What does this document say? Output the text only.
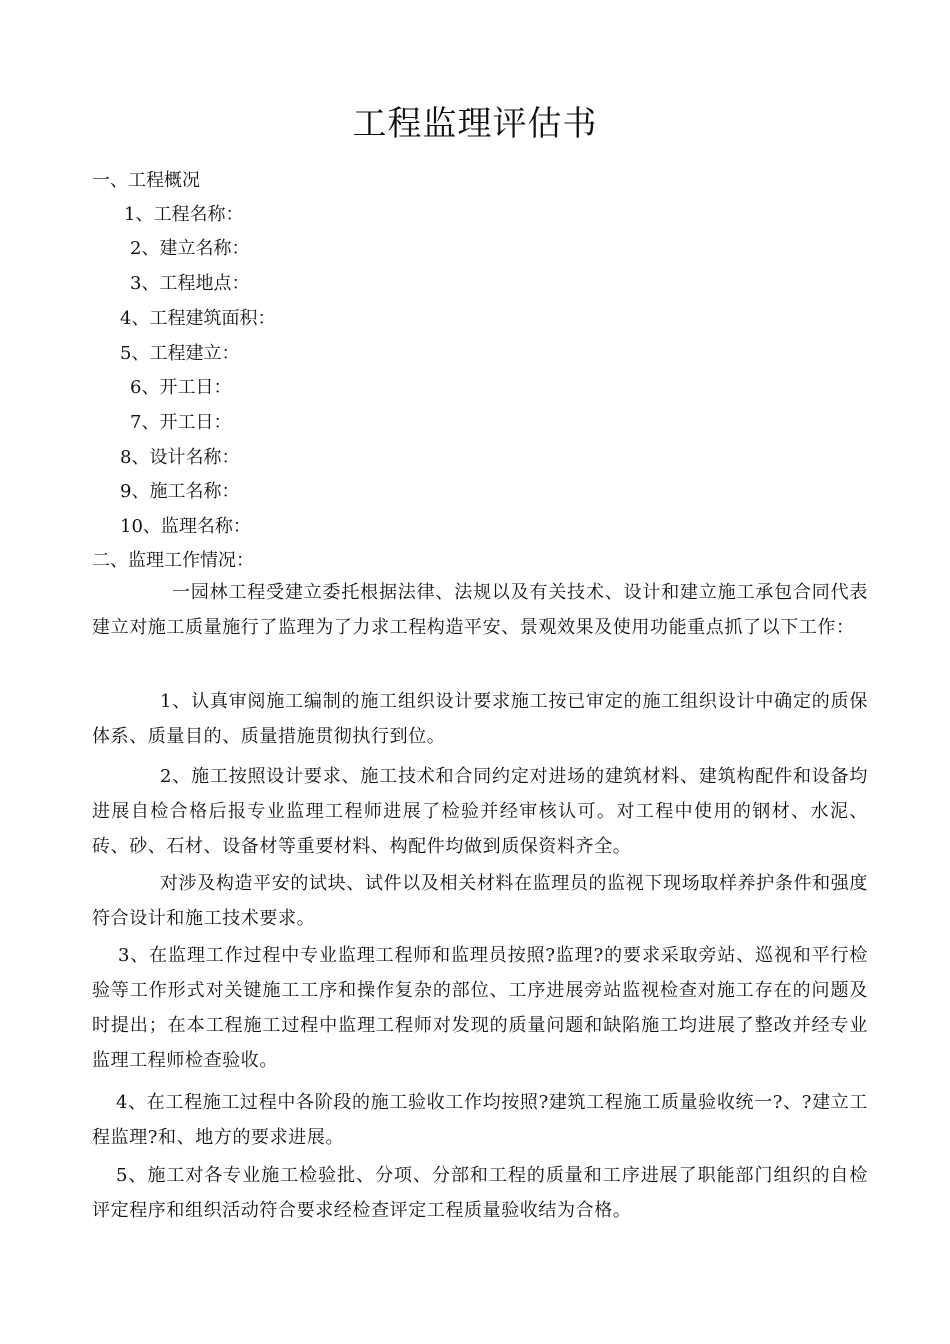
工程监理评估书
一、工程概况
1、工程名称：
2、建立名称：
3、工程地点：
4、工程建筑面积：
5、工程建立：
6、开工日：
7、开工日：
8、设计名称：
9、施工名称：
10、监理名称：
二、监理工作情况：
一园林工程受建立委托根据法律、法规以及有关技术、设计和建立施工承包合同代表建立对施工质量施行了监理为了力求工程构造平安、景观效果及使用功能重点抓了以下工作：
1、认真审阅施工编制的施工组织设计要求施工按已审定的施工组织设计中确定的质保体系、质量目的、质量措施贯彻执行到位。
2、施工按照设计要求、施工技术和合同约定对进场的建筑材料、建筑构配件和设备均进展自检合格后报专业监理工程师进展了检验并经审核认可。对工程中使用的钢材、水泥、砖、砂、石材、设备材等重要材料、构配件均做到质保资料齐全。
对涉及构造平安的试块、试件以及相关材料在监理员的监视下现场取样养护条件和强度符合设计和施工技术要求。
3、在监理工作过程中专业监理工程师和监理员按照?监理?的要求采取旁站、巡视和平行检验等工作形式对关键施工工序和操作复杂的部位、工序进展旁站监视检查对施工存在的问题及时提出；在本工程施工过程中监理工程师对发现的质量问题和缺陷施工均进展了整改并经专业监理工程师检查验收。
4、在工程施工过程中各阶段的施工验收工作均按照?建筑工程施工质量验收统一?、?建立工程监理?和、地方的要求进展。
5、施工对各专业施工检验批、分项、分部和工程的质量和工序进展了职能部门组织的自检评定程序和组织活动符合要求经检查评定工程质量验收结为合格。
